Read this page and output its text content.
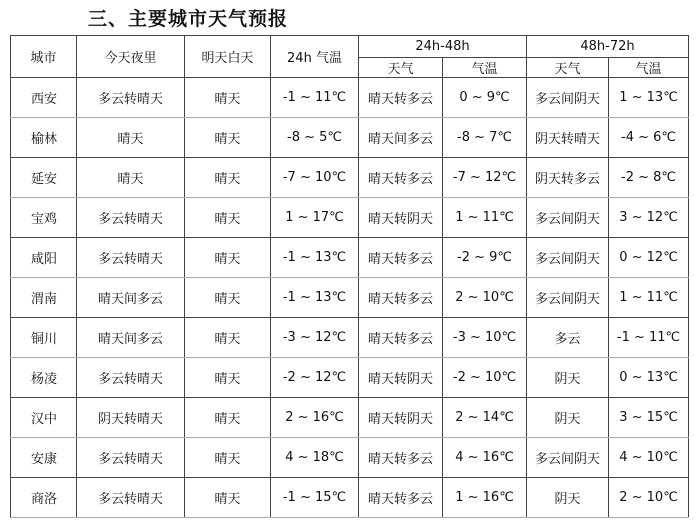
三、主要城市天气预报
城市	今天夜里	明天白天	24h 气温	24h-48h		48h-72h	
				天气	气温	天气	气温
西安	多云转晴天	晴天	-1 ~ 11℃	晴天转多云	0 ~ 9℃	多云间阴天	1 ~ 13℃
榆林	晴天	晴天	-8 ~ 5℃	晴天间多云	-8 ~ 7℃	阴天转晴天	-4 ~ 6℃
延安	晴天	晴天	-7 ~ 10℃	晴天转多云	-7 ~ 12℃	阴天转多云	-2 ~ 8℃
宝鸡	多云转晴天	晴天	1 ~ 17℃	晴天转阴天	1 ~ 11℃	多云间阴天	3 ~ 12℃
咸阳	多云转晴天	晴天	-1 ~ 13℃	晴天转多云	-2 ~ 9℃	多云间阴天	0 ~ 12℃
渭南	晴天间多云	晴天	-1 ~ 13℃	晴天转多云	2 ~ 10℃	多云间阴天	1 ~ 11℃
铜川	晴天间多云	晴天	-3 ~ 12℃	晴天转多云	-3 ~ 10℃	多云	-1 ~ 11℃
杨凌	多云转晴天	晴天	-2 ~ 12℃	晴天转阴天	-2 ~ 10℃	阴天	0 ~ 13℃
汉中	阴天转晴天	晴天	2 ~ 16℃	晴天转阴天	2 ~ 14℃	阴天	3 ~ 15℃
安康	多云转晴天	晴天	4 ~ 18℃	晴天转多云	4 ~ 16℃	多云间阴天	4 ~ 10℃
商洛	多云转晴天	晴天	-1 ~ 15℃	晴天转多云	1 ~ 16℃	阴天	2 ~ 10℃
